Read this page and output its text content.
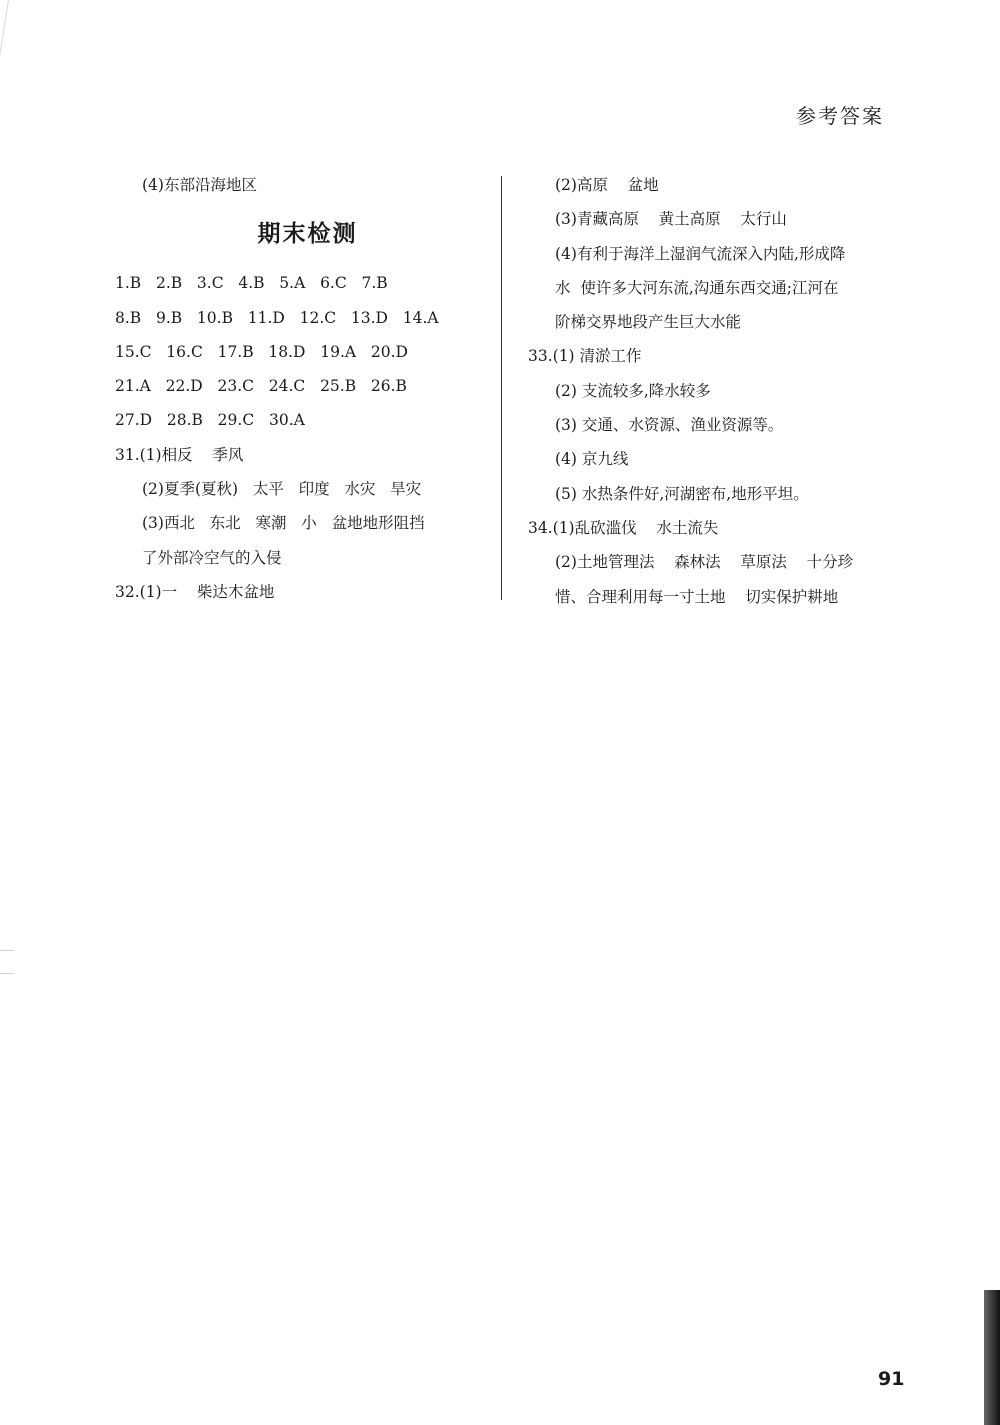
参考答案
(4)东部沿海地区
期末检测
1.B   2.B   3.C   4.B   5.A   6.C   7.B
8.B   9.B   10.B   11.D   12.C   13.D   14.A
15.C   16.C   17.B   18.D   19.A   20.D
21.A   22.D   23.C   24.C   25.B   26.B
27.D   28.B   29.C   30.A
31.(1)相反    季风
(2)夏季(夏秋)   太平   印度   水灾   旱灾
(3)西北   东北   寒潮   小   盆地地形阻挡
了外部冷空气的入侵
32.(1)一    柴达木盆地
(2)高原    盆地
(3)青藏高原    黄土高原    太行山
(4)有利于海洋上湿润气流深入内陆,形成降
水  使许多大河东流,沟通东西交通;江河在
阶梯交界地段产生巨大水能
33.(1) 清淤工作
(2) 支流较多,降水较多
(3) 交通、水资源、渔业资源等。
(4) 京九线
(5) 水热条件好,河湖密布,地形平坦。
34.(1)乱砍滥伐    水土流失
(2)土地管理法    森林法    草原法    十分珍
惜、合理利用每一寸土地    切实保护耕地
91
